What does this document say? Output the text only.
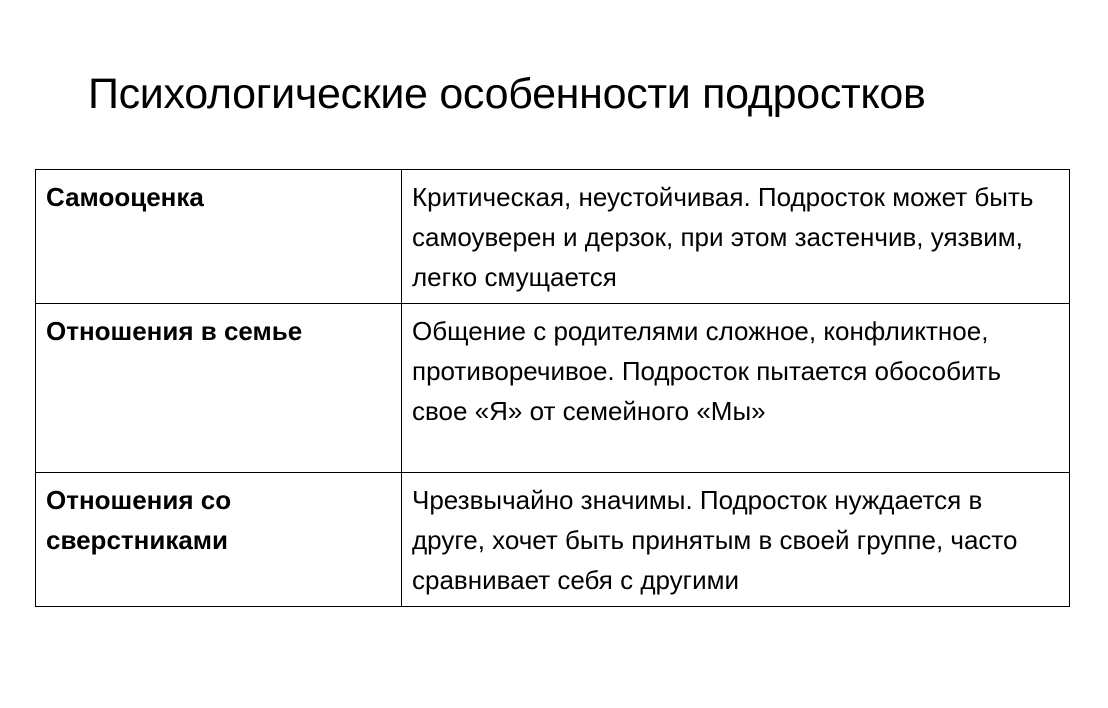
Психологические особенности подростков
Самооценка	Критическая, неустойчивая. Подросток может быть самоуверен и дерзок, при этом застенчив, уязвим, легко смущается
Отношения в семье	Общение с родителями сложное, конфликтное, противоречивое. Подросток пытается обособить свое «Я» от семейного «Мы»
Отношения со сверстниками	Чрезвычайно значимы. Подросток нуждается в друге, хочет быть принятым в своей группе, часто сравнивает себя с другими
